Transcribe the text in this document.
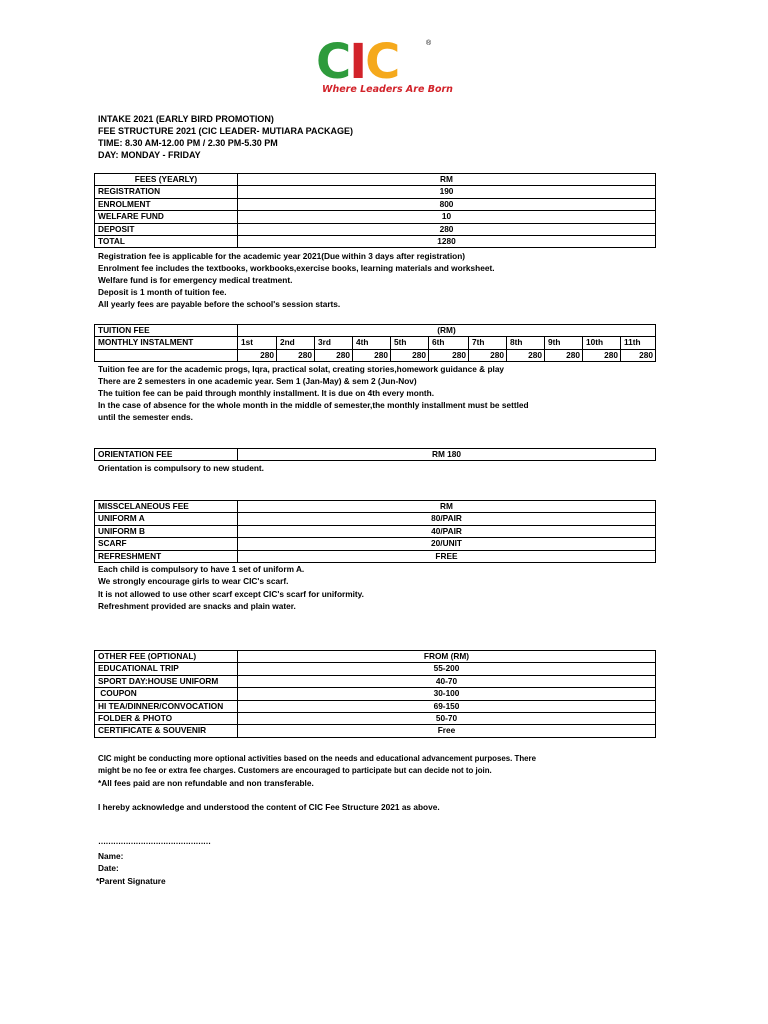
C I C	®
Where Leaders Are Born
INTAKE 2021 (EARLY BIRD PROMOTION)
FEE STRUCTURE 2021 (CIC LEADER- MUTIARA PACKAGE)
TIME: 8.30 AM-12.00 PM / 2.30 PM-5.30 PM
DAY: MONDAY - FRIDAY
FEES (YEARLY)	RM
REGISTRATION	190
ENROLMENT	800
WELFARE FUND	10
DEPOSIT	280
TOTAL	1280
Registration fee is applicable for the academic year 2021(Due within 3 days after registration)
Enrolment fee includes the textbooks, workbooks,exercise books, learning materials and worksheet.
Welfare fund is for emergency medical treatment.
Deposit is 1 month of tuition fee.
All yearly fees are payable before the school's session starts.
TUITION FEE	(RM)										
MONTHLY INSTALMENT	1st	2nd	3rd	4th	5th	6th	7th	8th	9th	10th	11th
	280	280	280	280	280	280	280	280	280	280	280
Tuition fee are for the academic progs, Iqra, practical solat, creating stories,homework guidance & play
There are 2 semesters in one academic year. Sem 1 (Jan-May) & sem 2 (Jun-Nov)
The tuition fee can be paid through monthly installment. It is due on 4th every month.
In the case of absence for the whole month in the middle of semester,the monthly installment must be settled
until the semester ends.
ORIENTATION FEE	RM 180
Orientation is compulsory to new student.
MISSCELANEOUS FEE	RM
UNIFORM A	80/PAIR
UNIFORM B	40/PAIR
SCARF	20/UNIT
REFRESHMENT	FREE
Each child is compulsory to have 1 set of uniform A.
We strongly encourage girls to wear CIC's scarf.
It is not allowed to use other scarf except CIC's scarf for uniformity.
Refreshment provided are snacks and plain water.
OTHER FEE (OPTIONAL)	FROM (RM)
EDUCATIONAL TRIP	55-200
SPORT DAY:HOUSE UNIFORM	40-70
COUPON	30-100
HI TEA/DINNER/CONVOCATION	69-150
FOLDER & PHOTO	50-70
CERTIFICATE & SOUVENIR	Free
CIC might be conducting more optional activities based on the needs and educational advancement purposes. There
might be no fee or extra fee charges. Customers are encouraged to participate but can decide not to join.
*All fees paid are non refundable and non transferable.
I hereby acknowledge and understood the content of CIC Fee Structure 2021 as above.
………………………………………
Name:
Date:
*Parent Signature
